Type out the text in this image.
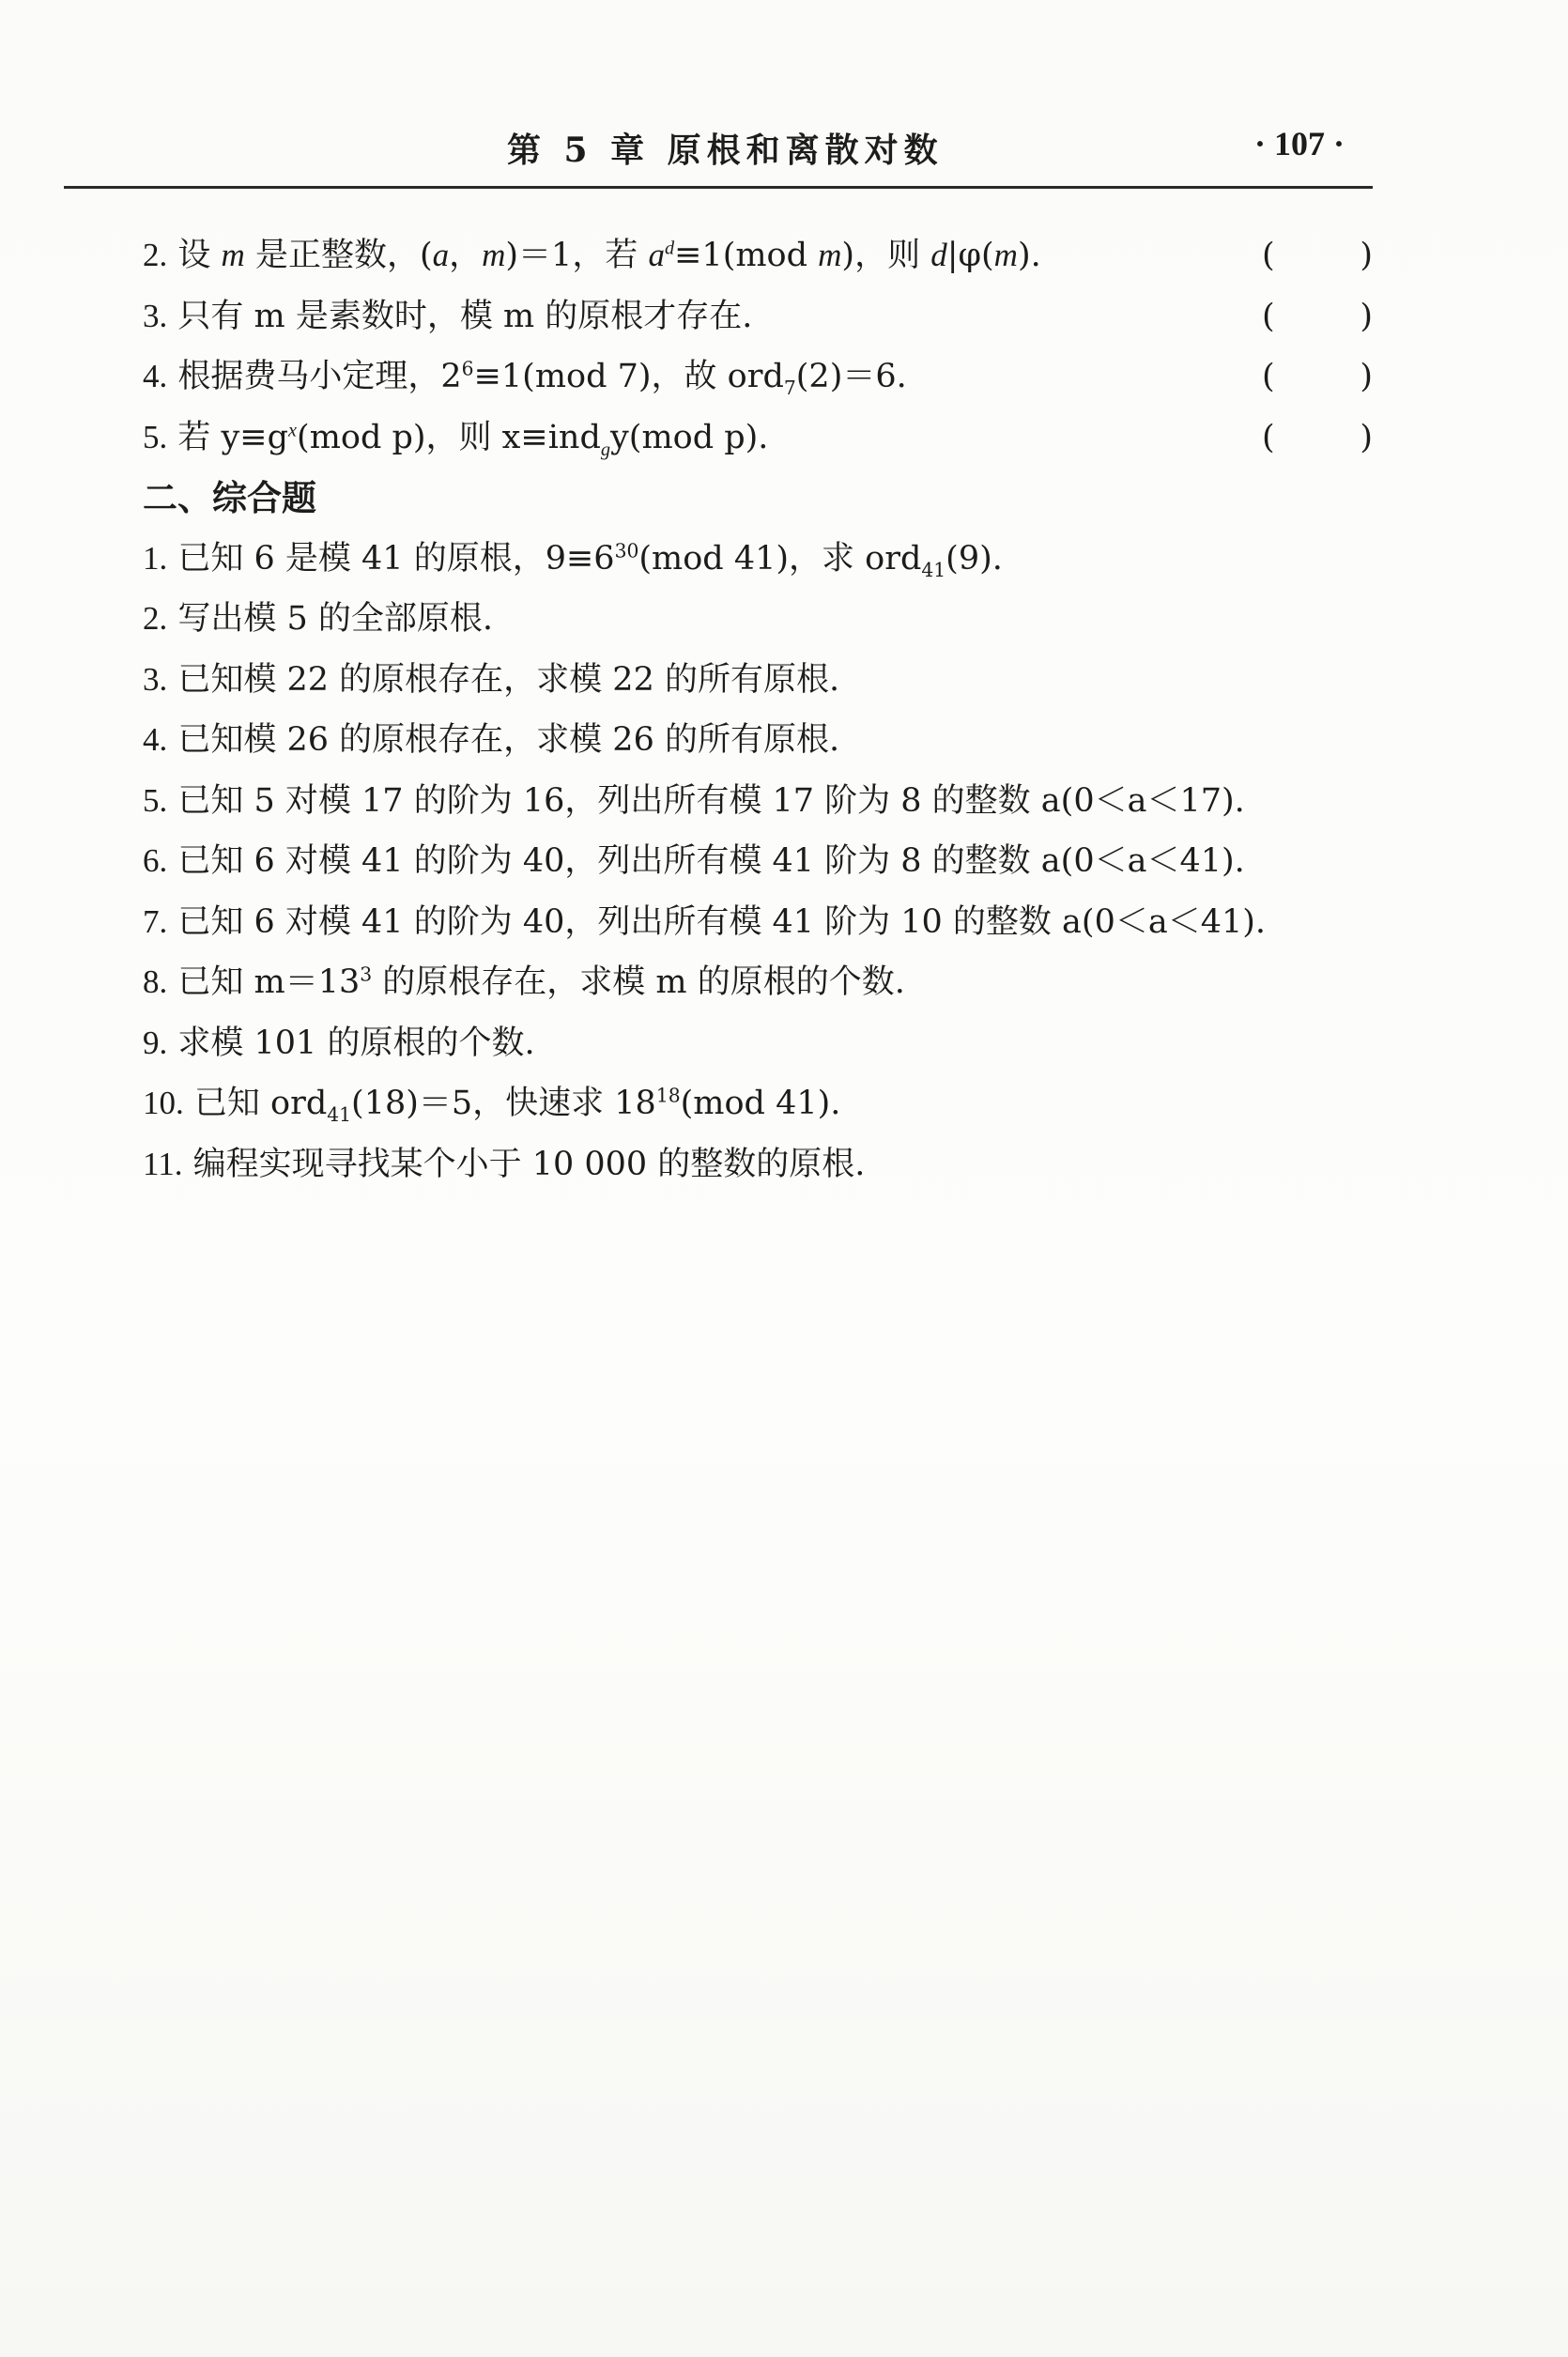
第 5 章 原根和离散对数	· 107 ·
2. 设 m 是正整数，(a，m)＝1，若 $a^d\equiv 1(mod$ m)，则 d|φ(m).
3. 只有 m 是素数时，模 m 的原根才存在.
4. 根据费马小定理，$2^6\equiv 1(mod$ 7)，故 ord$_7$(2)＝6.
5. 若 $y\equiv g^x(mod$ p)，则 x≡ind$_g$y(mod p).
二、综合题
1. 已知 6 是模 41 的原根，$9\equiv 6^{30}(mod$ 41)，求 ord$_{41}$(9).
2. 写出模 5 的全部原根.
3. 已知模 22 的原根存在，求模 22 的所有原根.
4. 已知模 26 的原根存在，求模 26 的所有原根.
5. 已知 5 对模 17 的阶为 16，列出所有模 17 阶为 8 的整数 a(0＜a＜17).
6. 已知 6 对模 41 的阶为 40，列出所有模 41 阶为 8 的整数 a(0＜a＜41).
7. 已知 6 对模 41 的阶为 40，列出所有模 41 阶为 10 的整数 a(0＜a＜41).
8. 已知 $m=13^3$ 的原根存在，求模 m 的原根的个数.
9. 求模 101 的原根的个数.
10. 已知 ord$_{41}$(18)＝5，快速求 $18^{18}(mod$ 41).
11. 编程实现寻找某个小于 10 000 的整数的原根.
